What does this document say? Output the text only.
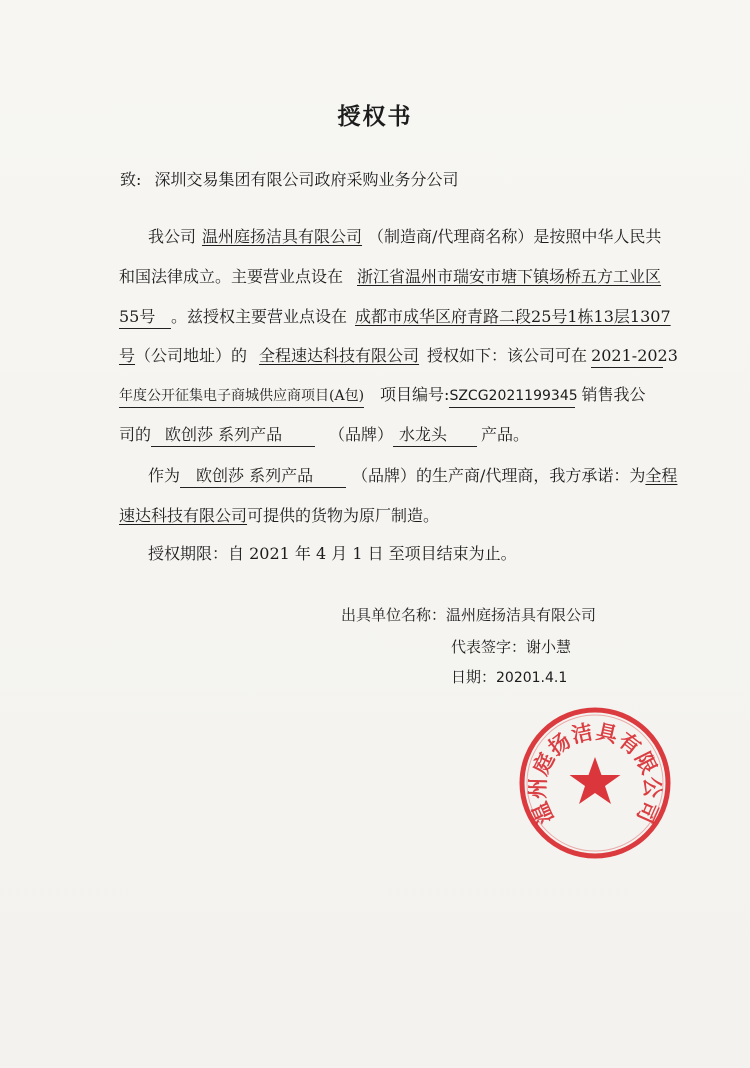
授权书
致: 深圳交易集团有限公司政府采购业务分公司
我公司 温州庭扬洁具有限公司 （制造商/代理商名称）是按照中华人民共
和国法律成立。主要营业点设在 浙江省温州市瑞安市塘下镇场桥五方工业区
55号 。兹授权主要营业点设在 成都市成华区府青路二段25号1栋13层1307
号（公司地址）的 全程速达科技有限公司 授权如下：该公司可在 2021-2023
年度公开征集电子商城供应商项目(A包) 项目编号:SZCG2021199345 销售我公
司的 欧创莎 系列产品	（品牌） 水龙头 产品。
作为 欧创莎 系列产品 （品牌）的生产商/代理商，我方承诺：为全程
速达科技有限公司可提供的货物为原厂制造。
授权期限：自 2021 年 4 月 1 日 至项目结束为止。
出具单位名称：温州庭扬洁具有限公司
代表签字：谢小慧
日期：20201.4.1
温州庭扬洁具有限公司
